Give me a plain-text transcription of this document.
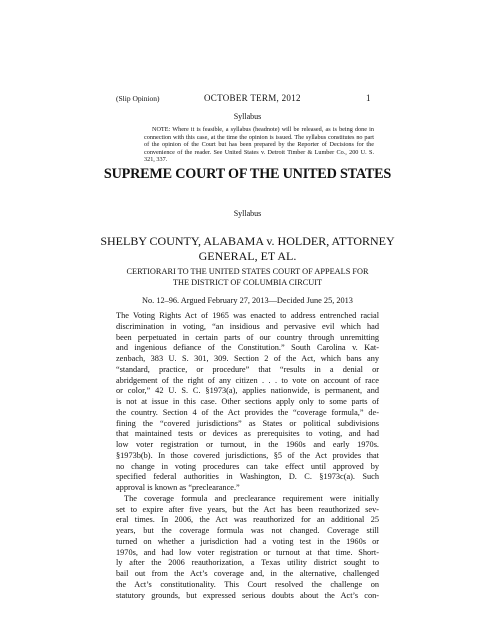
(Slip Opinion)	OCTOBER TERM, 2012	1
Syllabus
NOTE: Where it is feasible, a syllabus (headnote) will be released, as is being done in connection with this case, at the time the opinion is issued. The syllabus constitutes no part of the opinion of the Court but has been prepared by the Reporter of Decisions for the convenience of the reader. See United States v. Detroit Timber & Lumber Co., 200 U. S. 321, 337.
SUPREME COURT OF THE UNITED STATES
Syllabus
SHELBY COUNTY, ALABAMA v. HOLDER, ATTORNEY
GENERAL, ET AL.
CERTIORARI TO THE UNITED STATES COURT OF APPEALS FOR
THE DISTRICT OF COLUMBIA CIRCUIT
No. 12–96. Argued February 27, 2013—Decided June 25, 2013
The Voting Rights Act of 1965 was enacted to address entrenched racial
discrimination in voting, “an insidious and pervasive evil which had
been perpetuated in certain parts of our country through unremitting
and ingenious defiance of the Constitution.” South Carolina v. Kat-
zenbach, 383 U. S. 301, 309. Section 2 of the Act, which bans any
“standard, practice, or procedure” that “results in a denial or
abridgement of the right of any citizen . . . to vote on account of race
or color,” 42 U. S. C. §1973(a), applies nationwide, is permanent, and
is not at issue in this case. Other sections apply only to some parts of
the country. Section 4 of the Act provides the “coverage formula,” de-
fining the “covered jurisdictions” as States or political subdivisions
that maintained tests or devices as prerequisites to voting, and had
low voter registration or turnout, in the 1960s and early 1970s.
§1973b(b). In those covered jurisdictions, §5 of the Act provides that
no change in voting procedures can take effect until approved by
specified federal authorities in Washington, D. C. §1973c(a). Such
approval is known as “preclearance.”
The coverage formula and preclearance requirement were initially
set to expire after five years, but the Act has been reauthorized sev-
eral times. In 2006, the Act was reauthorized for an additional 25
years, but the coverage formula was not changed. Coverage still
turned on whether a jurisdiction had a voting test in the 1960s or
1970s, and had low voter registration or turnout at that time. Short-
ly after the 2006 reauthorization, a Texas utility district sought to
bail out from the Act’s coverage and, in the alternative, challenged
the Act’s constitutionality. This Court resolved the challenge on
statutory grounds, but expressed serious doubts about the Act’s con-
